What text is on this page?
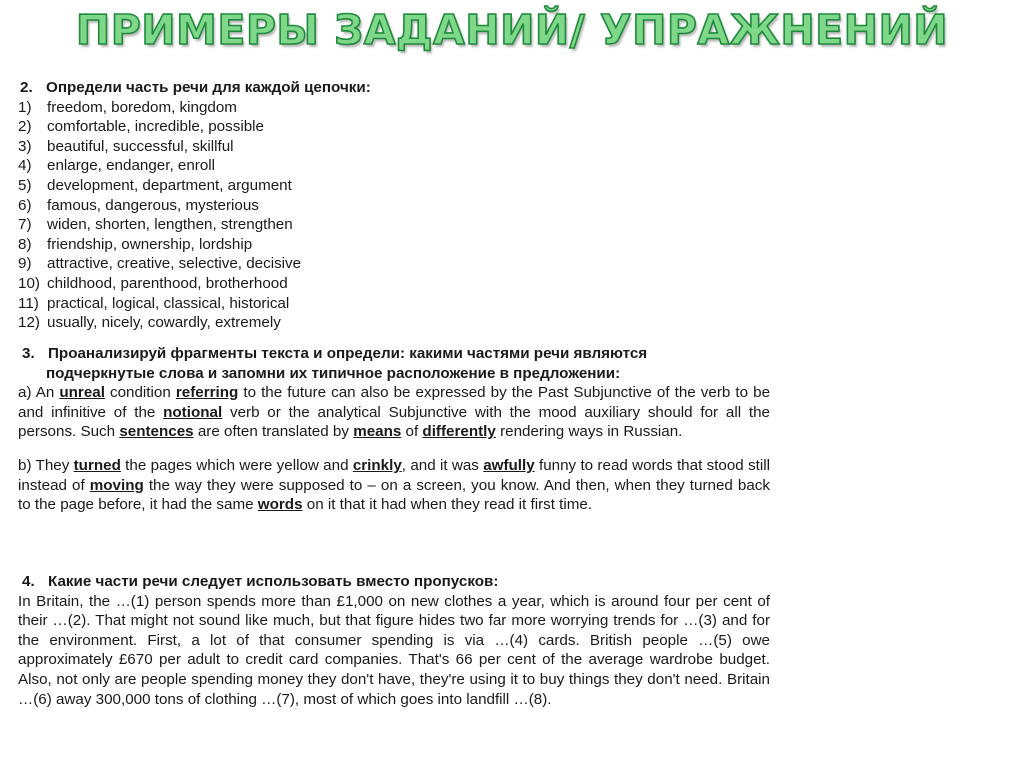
ПРИМЕРЫ ЗАДАНИЙ/ УПРАЖНЕНИЙ
2. Определи часть речи для каждой цепочки:
1)	freedom, boredom, kingdom
2)	comfortable, incredible, possible
3)	beautiful, successful, skillful
4)	enlarge, endanger, enroll
5)	development, department, argument
6)	famous, dangerous, mysterious
7)	widen, shorten, lengthen, strengthen
8)	friendship, ownership, lordship
9)	attractive, creative, selective, decisive
10) childhood, parenthood, brotherhood
11) practical, logical, classical, historical
12) usually, nicely, cowardly, extremely
3. Проанализируй фрагменты текста и определи: какими частями речи являются
подчеркнутые слова и запомни их типичное расположение в предложении:
a) An unreal condition referring to the future can also be expressed by the Past Subjunctive of the verb to be and infinitive of the notional verb or the analytical Subjunctive with the mood auxiliary should for all the persons. Such sentences are often translated by means of differently rendering ways in Russian.
b) They turned the pages which were yellow and crinkly, and it was awfully funny to read words that stood still instead of moving the way they were supposed to – on a screen, you know. And then, when they turned back to the page before, it had the same words on it that it had when they read it first time.
4. Какие части речи следует использовать вместо пропусков:
In Britain, the …(1) person spends more than £1,000 on new clothes a year, which is around four per cent of their …(2). That might not sound like much, but that figure hides two far more worrying trends for …(3) and for the environment. First, a lot of that consumer spending is via …(4) cards. British people …(5) owe approximately £670 per adult to credit card companies. That's 66 per cent of the average wardrobe budget. Also, not only are people spending money they don't have, they're using it to buy things they don't need. Britain …(6) away 300,000 tons of clothing …(7), most of which goes into landfill …(8).
